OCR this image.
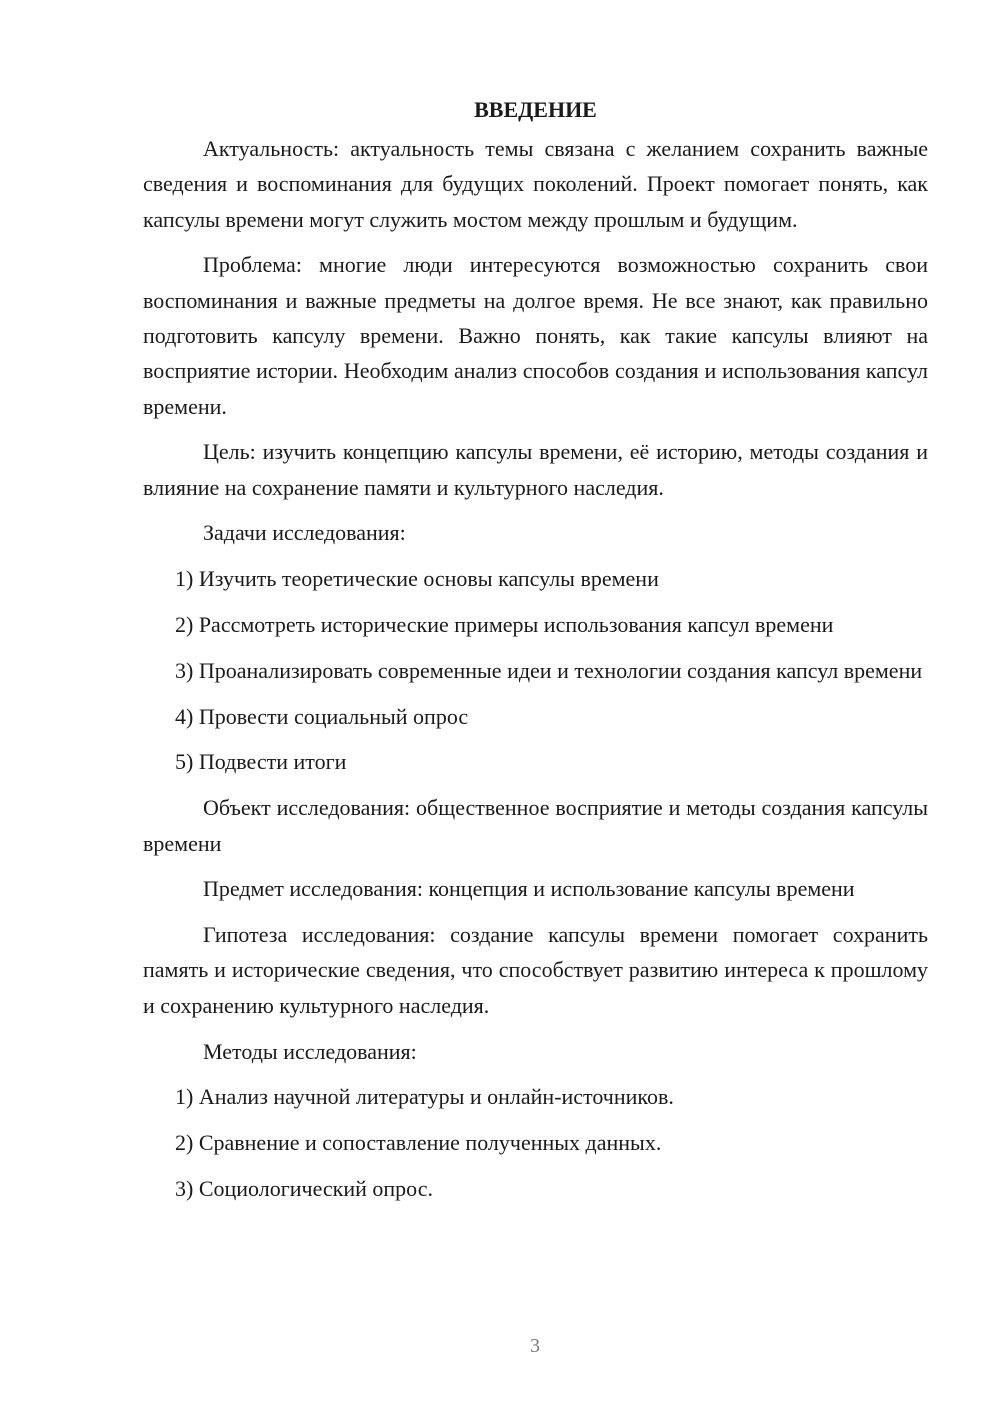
ВВЕДЕНИЕ

Актуальность: актуальность темы связана с желанием сохранить важные сведения и воспоминания для будущих поколений. Проект помогает понять, как капсулы времени могут служить мостом между прошлым и будущим.

Проблема: многие люди интересуются возможностью сохранить свои воспоминания и важные предметы на долгое время. Не все знают, как правильно подготовить капсулу времени. Важно понять, как такие капсулы влияют на восприятие истории. Необходим анализ способов создания и использования капсул времени.

Цель: изучить концепцию капсулы времени, её историю, методы создания и влияние на сохранение памяти и культурного наследия.

Задачи исследования:

1) Изучить теоретические основы капсулы времени

2) Рассмотреть исторические примеры использования капсул времени

3) Проанализировать современные идеи и технологии создания капсул времени

4) Провести социальный опрос

5) Подвести итоги

Объект исследования: общественное восприятие и методы создания капсулы времени

Предмет исследования: концепция и использование капсулы времени

Гипотеза исследования: создание капсулы времени помогает сохранить память и исторические сведения, что способствует развитию интереса к прошлому и сохранению культурного наследия.

Методы исследования:

1) Анализ научной литературы и онлайн-источников.

2) Сравнение и сопоставление полученных данных.

3) Социологический опрос.

3
